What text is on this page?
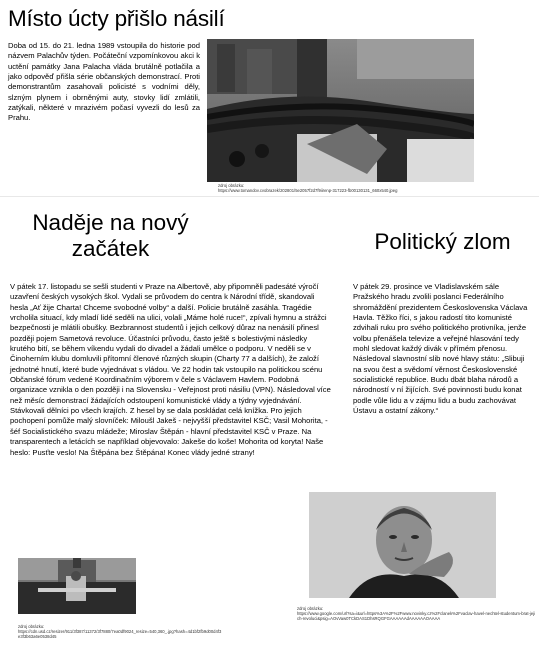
Místo úcty přišlo násilí

Doba od 15. do 21. ledna 1989 vstoupila do historie pod názvem Palachův týden. Počáteční vzpomínkovou akci k uctění památky Jana Palacha vláda brutálně potlačila a jako odpověď přišla série občanských demonstrací. Proti demonstrantům zasahovali policisté s vodními děly, slzným plynem i obrněnými auty, stovky lidí zmlátili, zatýkali, některé v mrazivém počasí vyvezli do lesů za Prahu.

zdroj obrázku:
https://www.tomandov.cvobrazek/202801/5e2057f2d7f9iirenp-317223-fb00130131_660x540.jpeg
Naděje na nový začátek

V pátek 17. listopadu se sešli studenti v Praze na Albertově, aby připomněli padesáté výročí uzavření českých vysokých škol. Vydali se průvodem do centra k Národní třídě, skandovali hesla „Ať žije Charta! Chceme svobodné volby“ a další. Policie brutálně zasáhla. Tragédie vrcholila situací, kdy mladí lidé seděli na ulici, volali „Máme holé ruce!“, zpívali hymnu a strážci bezpečnosti je mlátili obušky. Bezbrannost studentů i jejich celkový důraz na nenásilí přinesl později pojem Sametová revoluce. Účastníci průvodu, často ještě s bolestivými následky krutého bití, se během víkendu vydali do divadel a žádali umělce o podporu. V neděli se v Činoherním klubu domluvili přítomní členové různých skupin (Charty 77 a dalších), že založí jednotné hnutí, které bude vyjednávat s vládou. Ve 22 hodin tak vstoupilo na politickou scénu Občanské fórum vedené Koordinačním výborem v čele s Václavem Havlem. Podobná organizace vznikla o den později i na Slovensku - Veřejnost proti násiliu (VPN). Následoval více než měsíc demonstrací žádajících odstoupení komunistické vlády a týdny vyjednávání. Stávkovali dělníci po všech krajích. Z hesel by se dala poskládat celá knížka. Pro jejich pochopení pomůže malý slovníček: Miloušl Jakeš - nejvyšší představitel KSČ; Vasil Mohorita, - šéf Socialistického svazu mládeže; Miroslav Štěpán - hlavní představitel KSČ v Praze. Na transparentech a letácích se například objevovalo: Jakeše do koše! Mohorita od koryta! Naše heslo: Pusťte veslo! Na Štěpána bez Štěpána! Konec vlády jedné strany!

zdroj obrázku:
https://cdn.usd.cz/resizer/911/3f387/11372/3f7880/7ea0df9024_resize=540,360_.jpg?hash=4d1bf2fb9d00d4f3e3f3b63a6e0538d45
Politický zlom

V pátek 29. prosince ve Vladislavském sále Pražského hradu zvolili poslanci Federálního shromáždění prezidentem Československa Václava Havla. Těžko říci, s jakou radostí tito komunisté zdvihali ruku pro svého politického protivníka, jenže volbu přenášela televize a veřejné hlasování tedy mohl sledovat každý divák v přímém přenosu. Následoval slavnostní slib nové hlavy státu: „Slibuji na svou čest a svědomí věrnost Československé socialistické republice. Budu dbát blaha národů a národností v ní žijících. Své povinnosti budu konat podle vůle lidu a v zájmu lidu a budu zachovávat Ústavu a ostatní zákony.“

zdroj obrázku:
https://www.google.com/url?sa=i&url=https%3A%2F%2Fwww.novinky.cz%2Fclanek%2Fvaclav-havel-nechtel-studentum-brat-jejich-revoluci&psig=AOvVaw0TCkDAS1DhsRQGFGAAAAAAdAAAAAAOAAAA
